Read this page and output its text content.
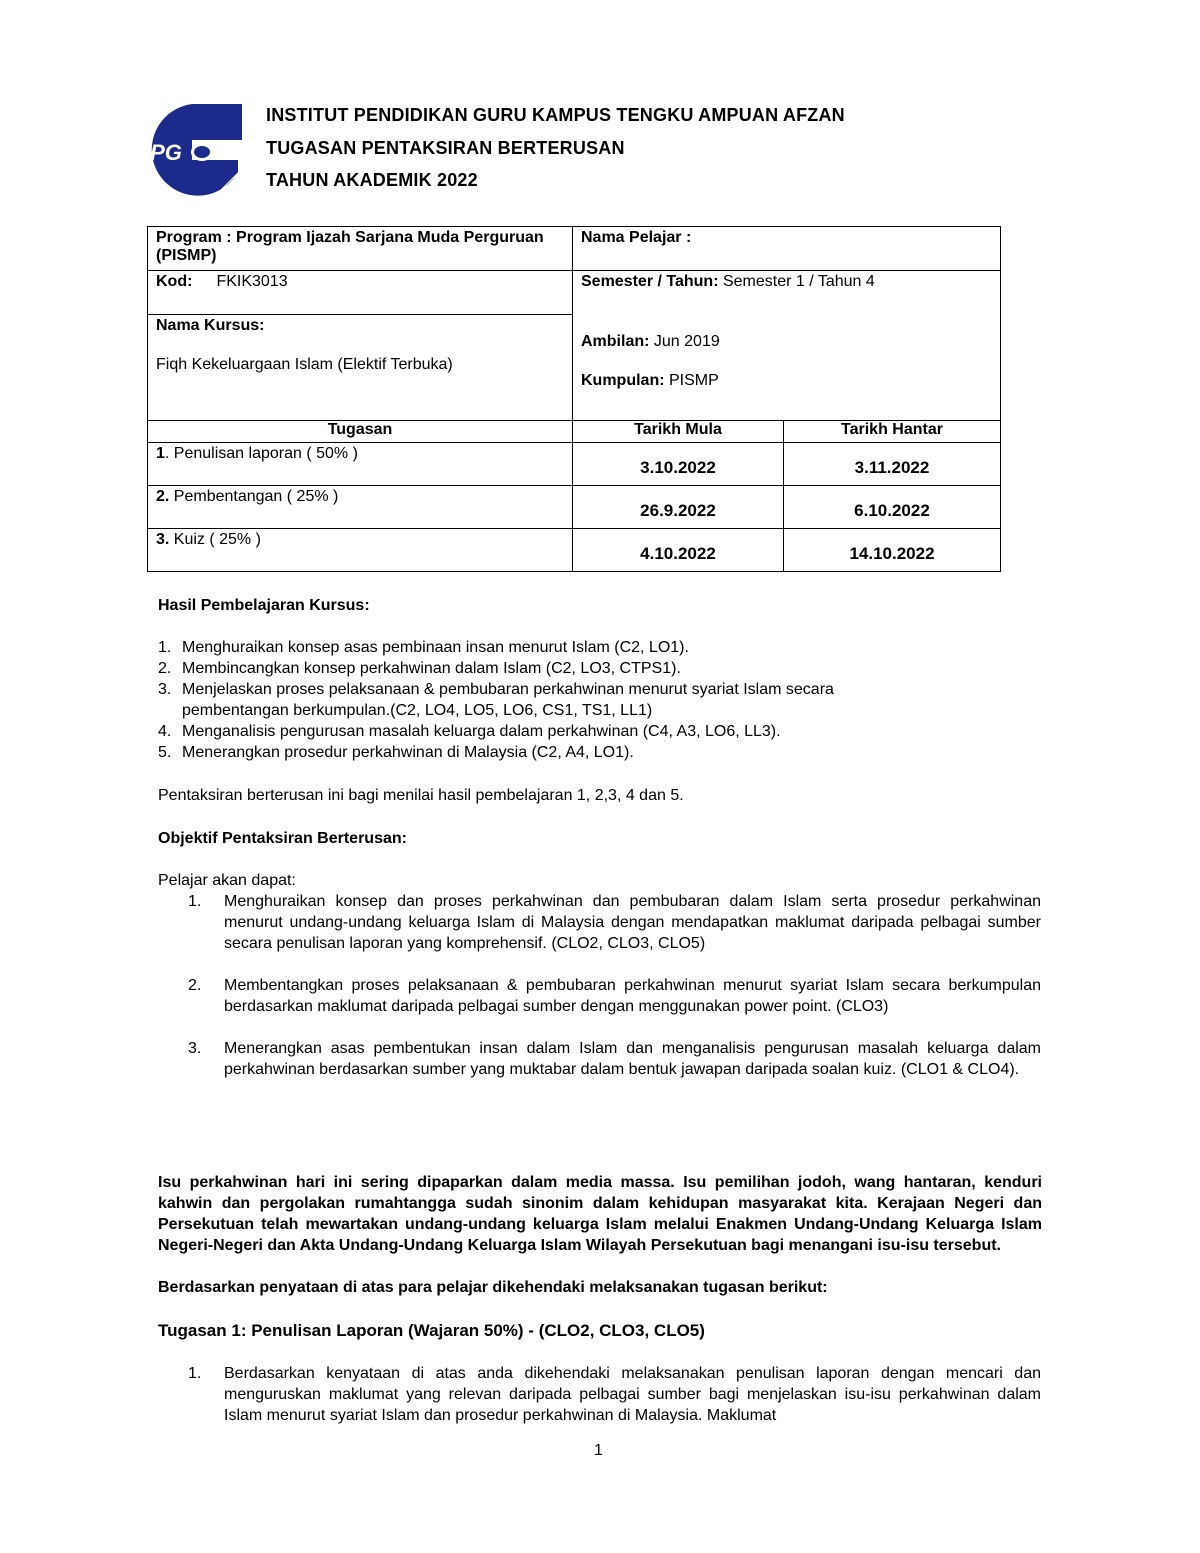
iPG
INSTITUT PENDIDIKAN GURU KAMPUS TENGKU AMPUAN AFZAN
TUGASAN PENTAKSIRAN BERTERUSAN
TAHUN AKADEMIK 2022
Program : Program Ijazah Sarjana Muda Perguruan (PISMP)	Nama Pelajar :	
Kod: FKIK3013	Semester / Tahun: Semester 1 / Tahun 4
Ambilan: Jun 2019
Kumpulan: PISMP	

Nama Kursus:
Fiqh Kekeluargaan Islam (Elektif Terbuka)		

Tugasan	Tarikh Mula	Tarikh Hantar
1. Penulisan laporan ( 50% )	3.10.2022	3.11.2022
2. Pembentangan ( 25% )	26.9.2022	6.10.2022
3. Kuiz ( 25% )	4.10.2022	14.10.2022
Hasil Pembelajaran Kursus:
1. Menghuraikan konsep asas pembinaan insan menurut Islam (C2, LO1).
2. Membincangkan konsep perkahwinan dalam Islam (C2, LO3, CTPS1).
3. Menjelaskan proses pelaksanaan & pembubaran perkahwinan menurut syariat Islam secara pembentangan berkumpulan.(C2, LO4, LO5, LO6, CS1, TS1, LL1)
4. Menganalisis pengurusan masalah keluarga dalam perkahwinan (C4, A3, LO6, LL3).
5. Menerangkan prosedur perkahwinan di Malaysia (C2, A4, LO1).
Pentaksiran berterusan ini bagi menilai hasil pembelajaran 1, 2,3, 4 dan 5.
Objektif Pentaksiran Berterusan:
Pelajar akan dapat:
1. Menghuraikan konsep dan proses perkahwinan dan pembubaran dalam Islam serta prosedur perkahwinan menurut undang-undang keluarga Islam di Malaysia dengan mendapatkan maklumat daripada pelbagai sumber secara penulisan laporan yang komprehensif. (CLO2, CLO3, CLO5)
2. Membentangkan proses pelaksanaan & pembubaran perkahwinan menurut syariat Islam secara berkumpulan berdasarkan maklumat daripada pelbagai sumber dengan menggunakan power point. (CLO3)
3. Menerangkan asas pembentukan insan dalam Islam dan menganalisis pengurusan masalah keluarga dalam perkahwinan berdasarkan sumber yang muktabar dalam bentuk jawapan daripada soalan kuiz. (CLO1 & CLO4).
Isu perkahwinan hari ini sering dipaparkan dalam media massa. Isu pemilihan jodoh, wang hantaran, kenduri kahwin dan pergolakan rumahtangga sudah sinonim dalam kehidupan masyarakat kita. Kerajaan Negeri dan Persekutuan telah mewartakan undang-undang keluarga Islam melalui Enakmen Undang-Undang Keluarga Islam Negeri-Negeri dan Akta Undang-Undang Keluarga Islam Wilayah Persekutuan bagi menangani isu-isu tersebut.
Berdasarkan penyataan di atas para pelajar dikehendaki melaksanakan tugasan berikut:
Tugasan 1: Penulisan Laporan (Wajaran 50%) - (CLO2, CLO3, CLO5)
1. Berdasarkan kenyataan di atas anda dikehendaki melaksanakan penulisan laporan dengan mencari dan menguruskan maklumat yang relevan daripada pelbagai sumber bagi menjelaskan isu-isu perkahwinan dalam Islam menurut syariat Islam dan prosedur perkahwinan di Malaysia. Maklumat
1
